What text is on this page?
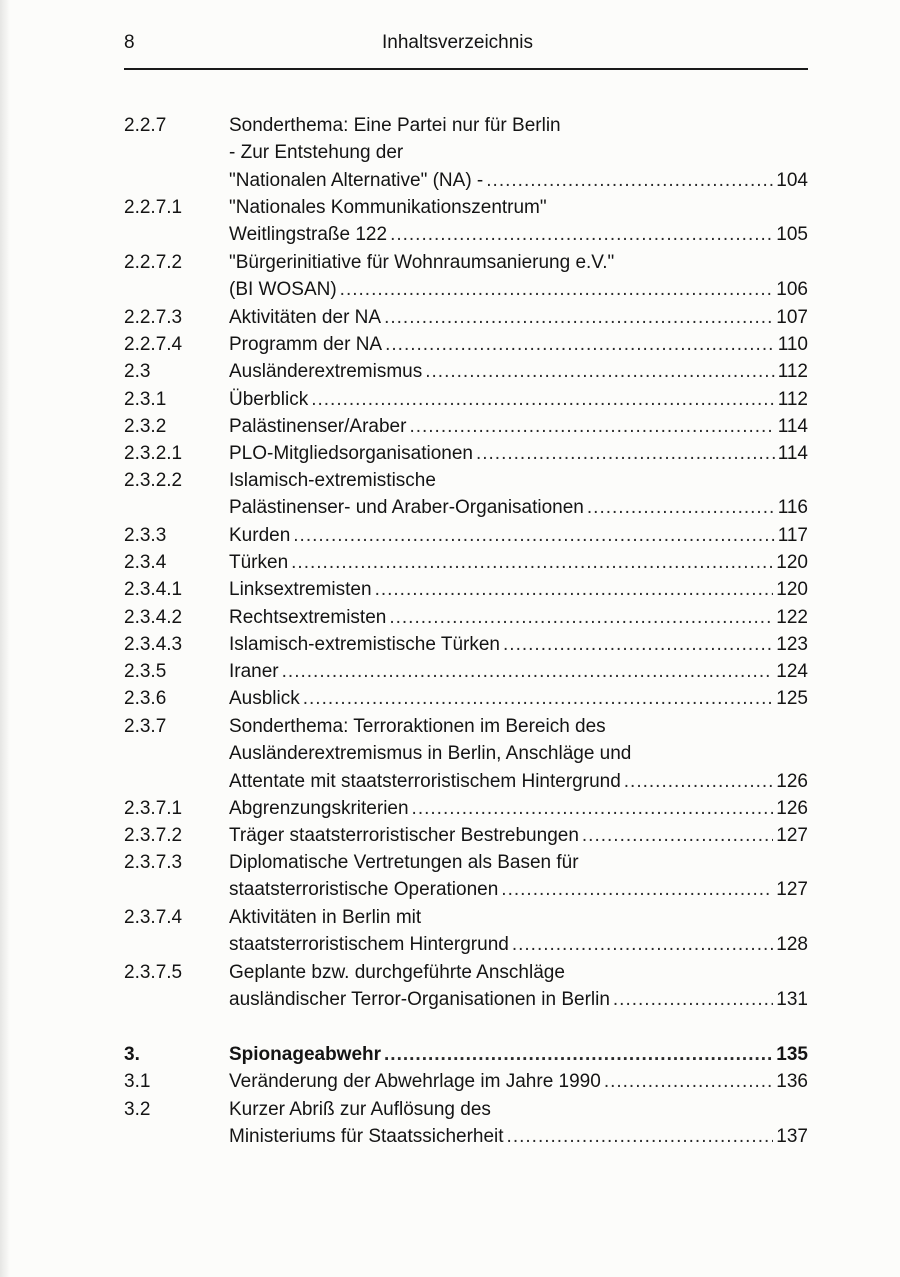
8	Inhaltsverzeichnis
2.2.7	Sonderthema: Eine Partei nur für Berlin
- Zur Entstehung der
"Nationalen Alternative" (NA) - .....	104
2.2.7.1 "Nationales Kommunikationszentrum"
Weitlingstraße 122 .....	105
2.2.7.2 "Bürgerinitiative für Wohnraumsanierung e.V."
(BI WOSAN) .....	106
2.2.7.3 Aktivitäten der NA .....	107
2.2.7.4 Programm der NA .....	110
2.3	Ausländerextremismus .....	112
2.3.1	Überblick .....	112
2.3.2	Palästinenser/Araber .....	114
2.3.2.1 PLO-Mitgliedsorganisationen .....	114
2.3.2.2 Islamisch-extremistische
Palästinenser- und Araber-Organisationen .....	116
2.3.3	Kurden .....	117
2.3.4	Türken .....	120
2.3.4.1 Linksextremisten .....	120
2.3.4.2 Rechtsextremisten .....	122
2.3.4.3 Islamisch-extremistische Türken .....	123
2.3.5	Iraner .....	124
2.3.6	Ausblick .....	125
2.3.7	Sonderthema: Terroraktionen im Bereich des
Ausländerextremismus in Berlin, Anschläge und
Attentate mit staatsterroristischem Hintergrund .....	126
2.3.7.1 Abgrenzungskriterien .....	126
2.3.7.2 Träger staatsterroristischer Bestrebungen .....	127
2.3.7.3 Diplomatische Vertretungen als Basen für
staatsterroristische Operationen .....	127
2.3.7.4 Aktivitäten in Berlin mit
staatsterroristischem Hintergrund .....	128
2.3.7.5 Geplante bzw. durchgeführte Anschläge
ausländischer Terror-Organisationen in Berlin .....	131
3.	Spionageabwehr .....	135
3.1	Veränderung der Abwehrlage im Jahre 1990 .....	136
3.2	Kurzer Abriß zur Auflösung des
Ministeriums für Staatssicherheit .....	137
